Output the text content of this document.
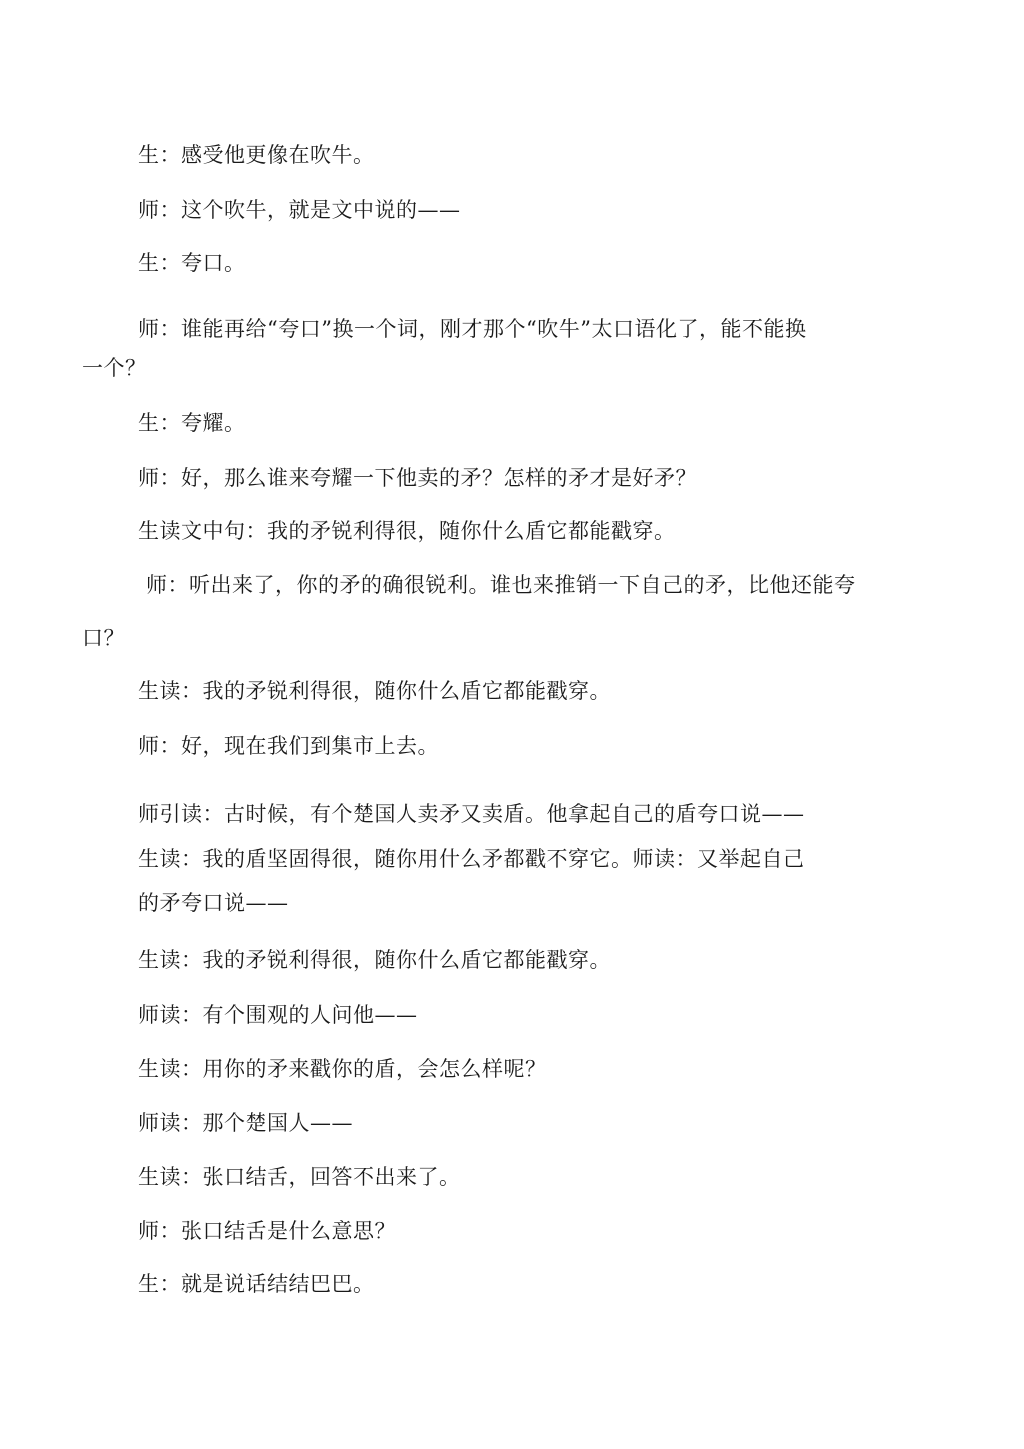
生：感受他更像在吹牛。

师：这个吹牛，就是文中说的——

生：夸口。

师：谁能再给“夸口”换一个词，刚才那个“吹牛”太口语化了，能不能换

一个？

生：夸耀。

师：好，那么谁来夸耀一下他卖的矛？怎样的矛才是好矛？

生读文中句：我的矛锐利得很，随你什么盾它都能戳穿。

师：听出来了，你的矛的确很锐利。谁也来推销一下自己的矛，比他还能夸

口？

生读：我的矛锐利得很，随你什么盾它都能戳穿。

师：好，现在我们到集市上去。

师引读：古时候，有个楚国人卖矛又卖盾。他拿起自己的盾夸口说——

生读：我的盾坚固得很，随你用什么矛都戳不穿它。师读：又举起自己

的矛夸口说——

生读：我的矛锐利得很，随你什么盾它都能戳穿。

师读：有个围观的人问他——

生读：用你的矛来戳你的盾，会怎么样呢？

师读：那个楚国人——

生读：张口结舌，回答不出来了。

师：张口结舌是什么意思？

生：就是说话结结巴巴。
